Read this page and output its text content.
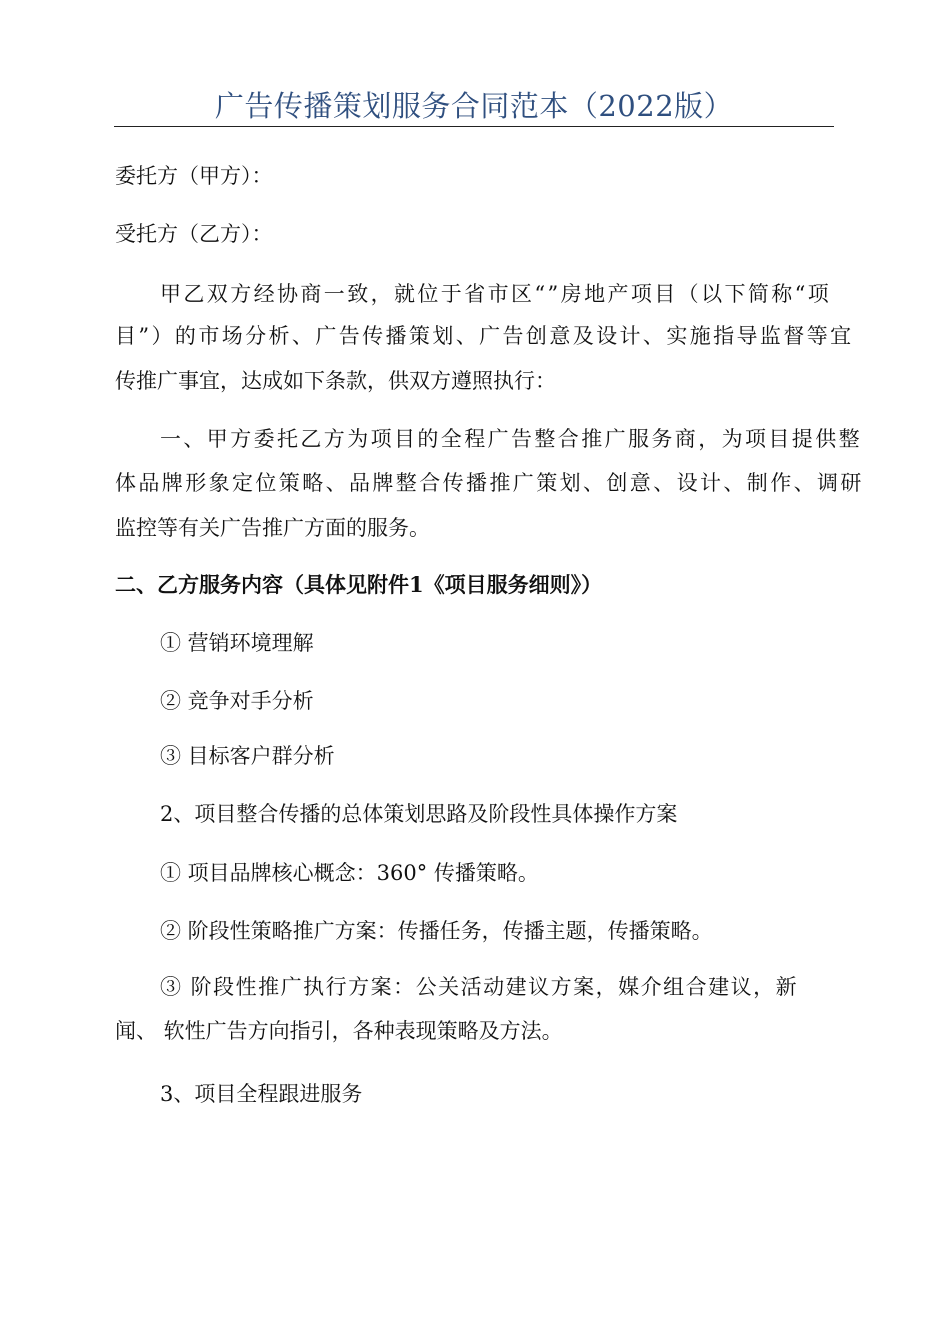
广告传播策划服务合同范本（2022版）
委托方（甲方）：
受托方（乙方）：
甲乙双方经协商一致，就位于省市区“”房地产项目（以下简称“项
目”）的市场分析、广告传播策划、广告创意及设计、实施指导监督等宜
传推广事宜，达成如下条款，供双方遵照执行：
一、甲方委托乙方为项目的全程广告整合推广服务商，为项目提供整
体品牌形象定位策略、品牌整合传播推广策划、创意、设计、制作、调研
监控等有关广告推广方面的服务。
二、乙方服务内容（具体见附件1《项目服务细则》）
① 营销环境理解
② 竞争对手分析
③ 目标客户群分析
2、项目整合传播的总体策划思路及阶段性具体操作方案
① 项目品牌核心概念：360° 传播策略。
② 阶段性策略推广方案：传播任务，传播主题，传播策略。
③ 阶段性推广执行方案：公关活动建议方案，媒介组合建议，新
闻、 软性广告方向指引，各种表现策略及方法。
3、项目全程跟进服务
